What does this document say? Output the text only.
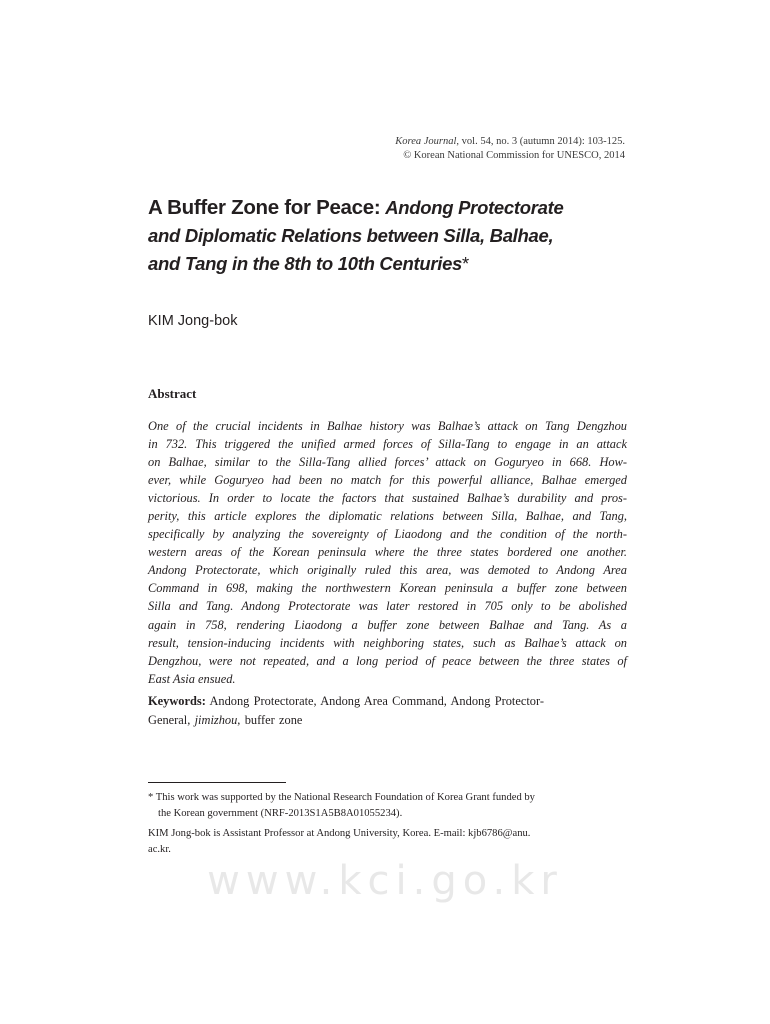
Korea Journal, vol. 54, no. 3 (autumn 2014): 103-125.
© Korean National Commission for UNESCO, 2014
A Buffer Zone for Peace: Andong Protectorate
and Diplomatic Relations between Silla, Balhae,
and Tang in the 8th to 10th Centuries*
KIM Jong-bok
Abstract
One of the crucial incidents in Balhae history was Balhae’s attack on Tang Dengzhou
in 732. This triggered the unified armed forces of Silla-Tang to engage in an attack
on Balhae, similar to the Silla-Tang allied forces’ attack on Goguryeo in 668. How-
ever, while Goguryeo had been no match for this powerful alliance, Balhae emerged
victorious. In order to locate the factors that sustained Balhae’s durability and pros-
perity, this article explores the diplomatic relations between Silla, Balhae, and Tang,
specifically by analyzing the sovereignty of Liaodong and the condition of the north-
western areas of the Korean peninsula where the three states bordered one another.
Andong Protectorate, which originally ruled this area, was demoted to Andong Area
Command in 698, making the northwestern Korean peninsula a buffer zone between
Silla and Tang. Andong Protectorate was later restored in 705 only to be abolished
again in 758, rendering Liaodong a buffer zone between Balhae and Tang. As a
result, tension-inducing incidents with neighboring states, such as Balhae’s attack on
Dengzhou, were not repeated, and a long period of peace between the three states of
East Asia ensued.
Keywords: Andong Protectorate, Andong Area Command, Andong Protector-
General, jimizhou, buffer zone
* This work was supported by the National Research Foundation of Korea Grant funded by
the Korean government (NRF-2013S1A5B8A01055234).
KIM Jong-bok is Assistant Professor at Andong University, Korea. E-mail: kjb6786@anu.
ac.kr.
www.kci.go.kr
